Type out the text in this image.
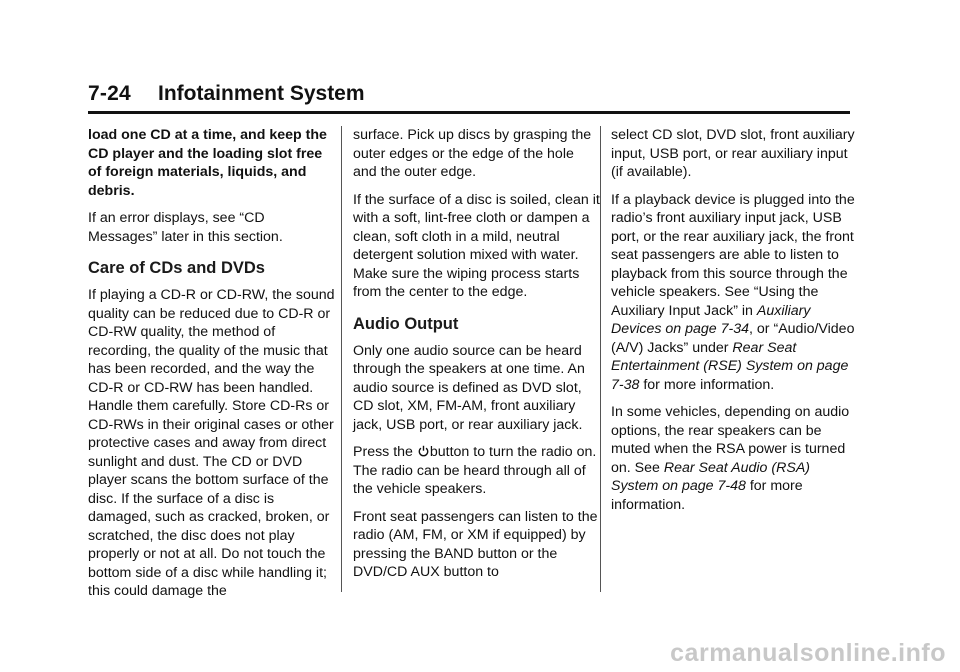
7-24 Infotainment System

load one CD at a time, and keep the CD player and the loading slot free of foreign materials, liquids, and debris.

If an error displays, see “CD Messages” later in this section.

Care of CDs and DVDs

If playing a CD-R or CD-RW, the sound quality can be reduced due to CD-R or CD-RW quality, the method of recording, the quality of the music that has been recorded, and the way the CD-R or CD-RW has been handled. Handle them carefully. Store CD-Rs or CD-RWs in their original cases or other protective cases and away from direct sunlight and dust. The CD or DVD player scans the bottom surface of the disc. If the surface of a disc is damaged, such as cracked, broken, or scratched, the disc does not play properly or not at all. Do not touch the bottom side of a disc while handling it; this could damage the

surface. Pick up discs by grasping the outer edges or the edge of the hole and the outer edge.

If the surface of a disc is soiled, clean it with a soft, lint-free cloth or dampen a clean, soft cloth in a mild, neutral detergent solution mixed with water. Make sure the wiping process starts from the center to the edge.

Audio Output

Only one audio source can be heard through the speakers at one time. An audio source is defined as DVD slot, CD slot, XM, FM-AM, front auxiliary jack, USB port, or rear auxiliary jack.

Press the button to turn the radio on. The radio can be heard through all of the vehicle speakers.

Front seat passengers can listen to the radio (AM, FM, or XM if equipped) by pressing the BAND button or the DVD/CD AUX button to

select CD slot, DVD slot, front auxiliary input, USB port, or rear auxiliary input (if available).

If a playback device is plugged into the radio’s front auxiliary input jack, USB port, or the rear auxiliary jack, the front seat passengers are able to listen to playback from this source through the vehicle speakers. See “Using the Auxiliary Input Jack” in Auxiliary Devices on page 7-34, or “Audio/Video (A/V) Jacks” under Rear Seat Entertainment (RSE) System on page 7-38 for more information.

In some vehicles, depending on audio options, the rear speakers can be muted when the RSA power is turned on. See Rear Seat Audio (RSA) System on page 7-48 for more information.

carmanualsonline.info
